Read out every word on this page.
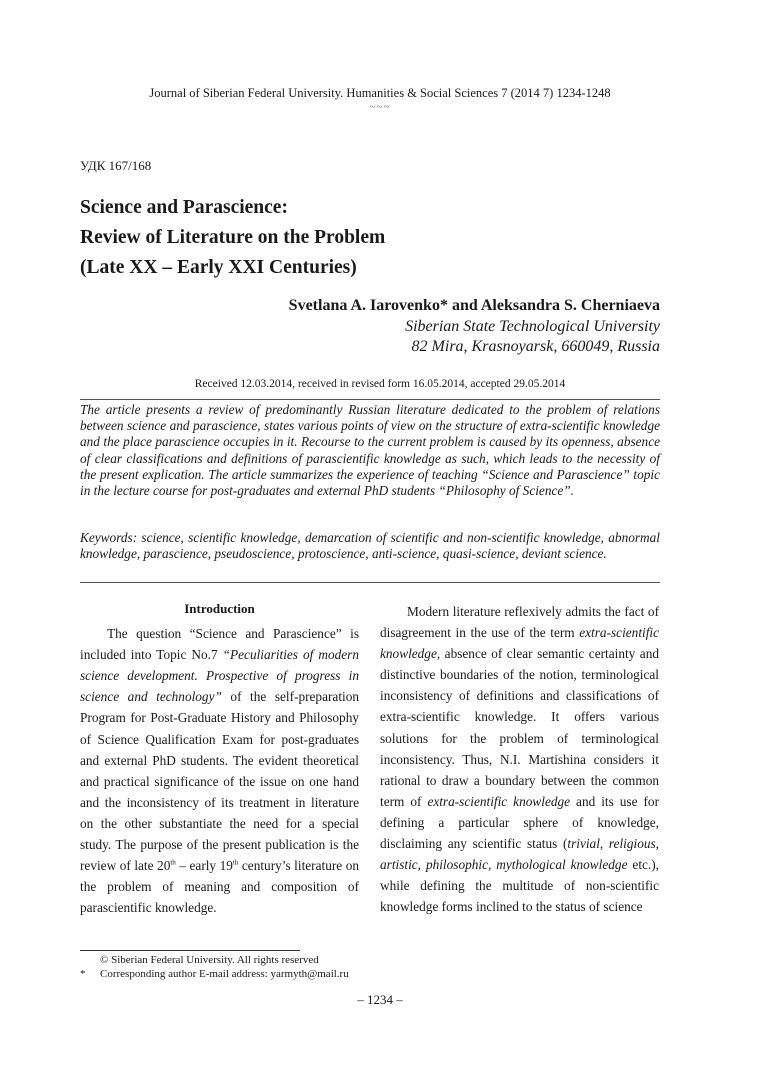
Journal of Siberian Federal University. Humanities & Social Sciences 7 (2014 7) 1234-1248
~~~
УДК 167/168
Science and Parascience:
Review of Literature on the Problem
(Late XX – Early XXI Centuries)
Svetlana A. Iarovenko* and Aleksandra S. Cherniaeva
Siberian State Technological University
82 Mira, Krasnoyarsk, 660049, Russia
Received 12.03.2014, received in revised form 16.05.2014, accepted 29.05.2014
The article presents a review of predominantly Russian literature dedicated to the problem of relations between science and parascience, states various points of view on the structure of extra-scientific knowledge and the place parascience occupies in it. Recourse to the current problem is caused by its openness, absence of clear classifications and definitions of parascientific knowledge as such, which leads to the necessity of the present explication. The article summarizes the experience of teaching “Science and Parascience” topic in the lecture course for post-graduates and external PhD students “Philosophy of Science”.
Keywords: science, scientific knowledge, demarcation of scientific and non-scientific knowledge, abnormal knowledge, parascience, pseudoscience, protoscience, anti-science, quasi-science, deviant science.
Introduction

The question “Science and Parascience” is included into Topic No.7 “Peculiarities of modern science development. Prospective of progress in science and technology” of the self-preparation Program for Post-Graduate History and Philosophy of Science Qualification Exam for post-graduates and external PhD students. The evident theoretical and practical significance of the issue on one hand and the inconsistency of its treatment in literature on the other substantiate the need for a special study. The purpose of the present publication is the review of late 20th – early 19th century’s literature on the problem of meaning and composition of parascientific knowledge.

Modern literature reflexively admits the fact of disagreement in the use of the term extra-scientific knowledge, absence of clear semantic certainty and distinctive boundaries of the notion, terminological inconsistency of definitions and classifications of extra-scientific knowledge. It offers various solutions for the problem of terminological inconsistency. Thus, N.I. Martishina considers it rational to draw a boundary between the common term of extra-scientific knowledge and its use for defining a particular sphere of knowledge, disclaiming any scientific status (trivial, religious, artistic, philosophic, mythological knowledge etc.), while defining the multitude of non-scientific knowledge forms inclined to the status of science

© Siberian Federal University. All rights reserved
* Corresponding author E-mail address: yarmyth@mail.ru
– 1234 –
